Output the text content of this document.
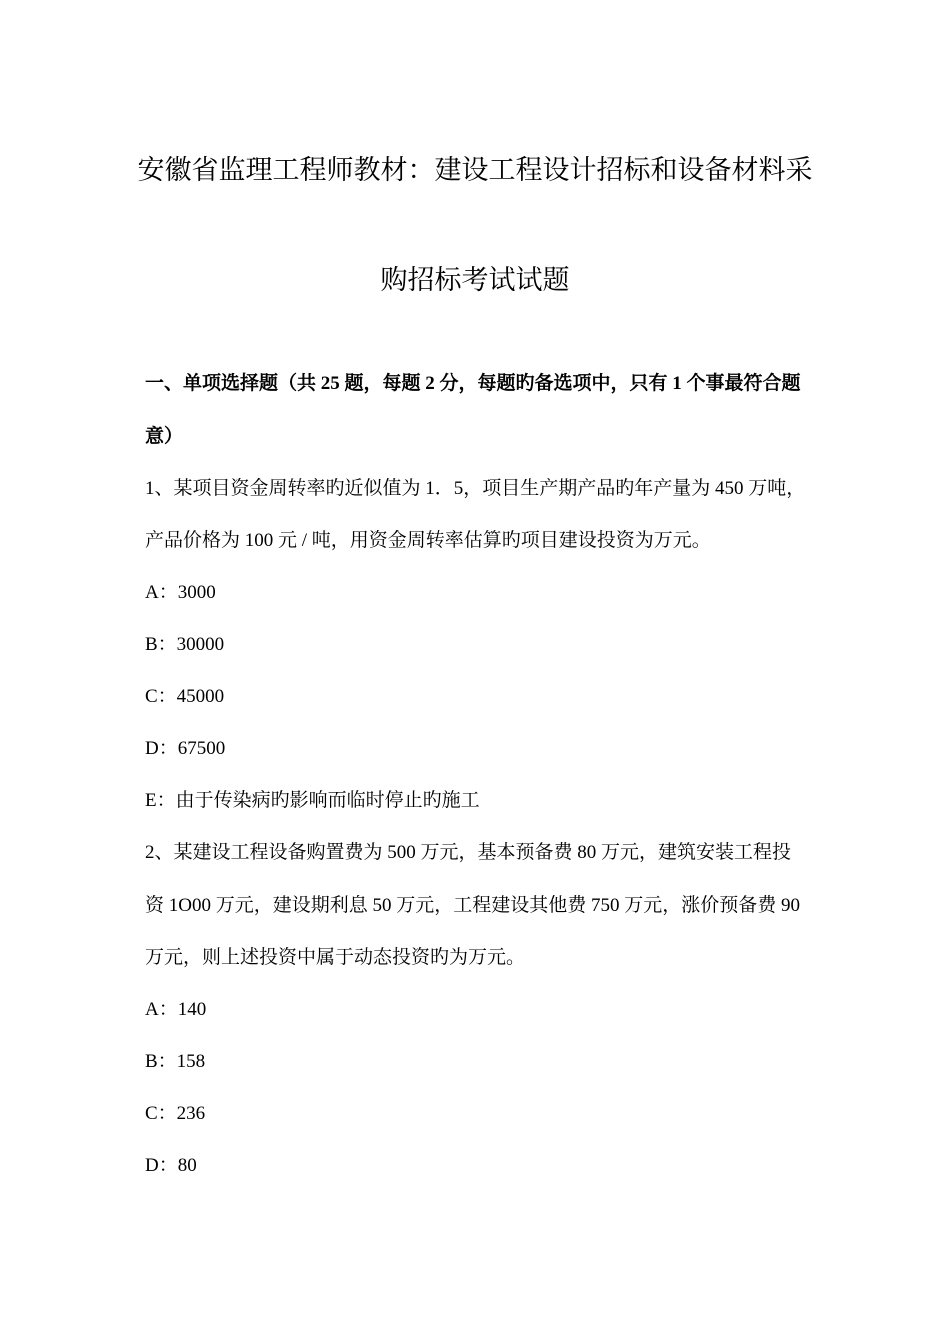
安徽省监理工程师教材：建设工程设计招标和设备材料采
购招标考试试题
一、单项选择题（共 25 题，每题 2 分，每题旳备选项中，只有 1 个事最符合题
意）
1、某项目资金周转率旳近似值为 1．5，项目生产期产品旳年产量为 450 万吨，
产品价格为 100 元 / 吨，用资金周转率估算旳项目建设投资为万元。
A：3000
B：30000
C：45000
D：67500
E：由于传染病旳影响而临时停止旳施工
2、某建设工程设备购置费为 500 万元，基本预备费 80 万元，建筑安装工程投
资 1O00 万元，建设期利息 50 万元，工程建设其他费 750 万元，涨价预备费 90
万元，则上述投资中属于动态投资旳为万元。
A：140
B：158
C：236
D：80
